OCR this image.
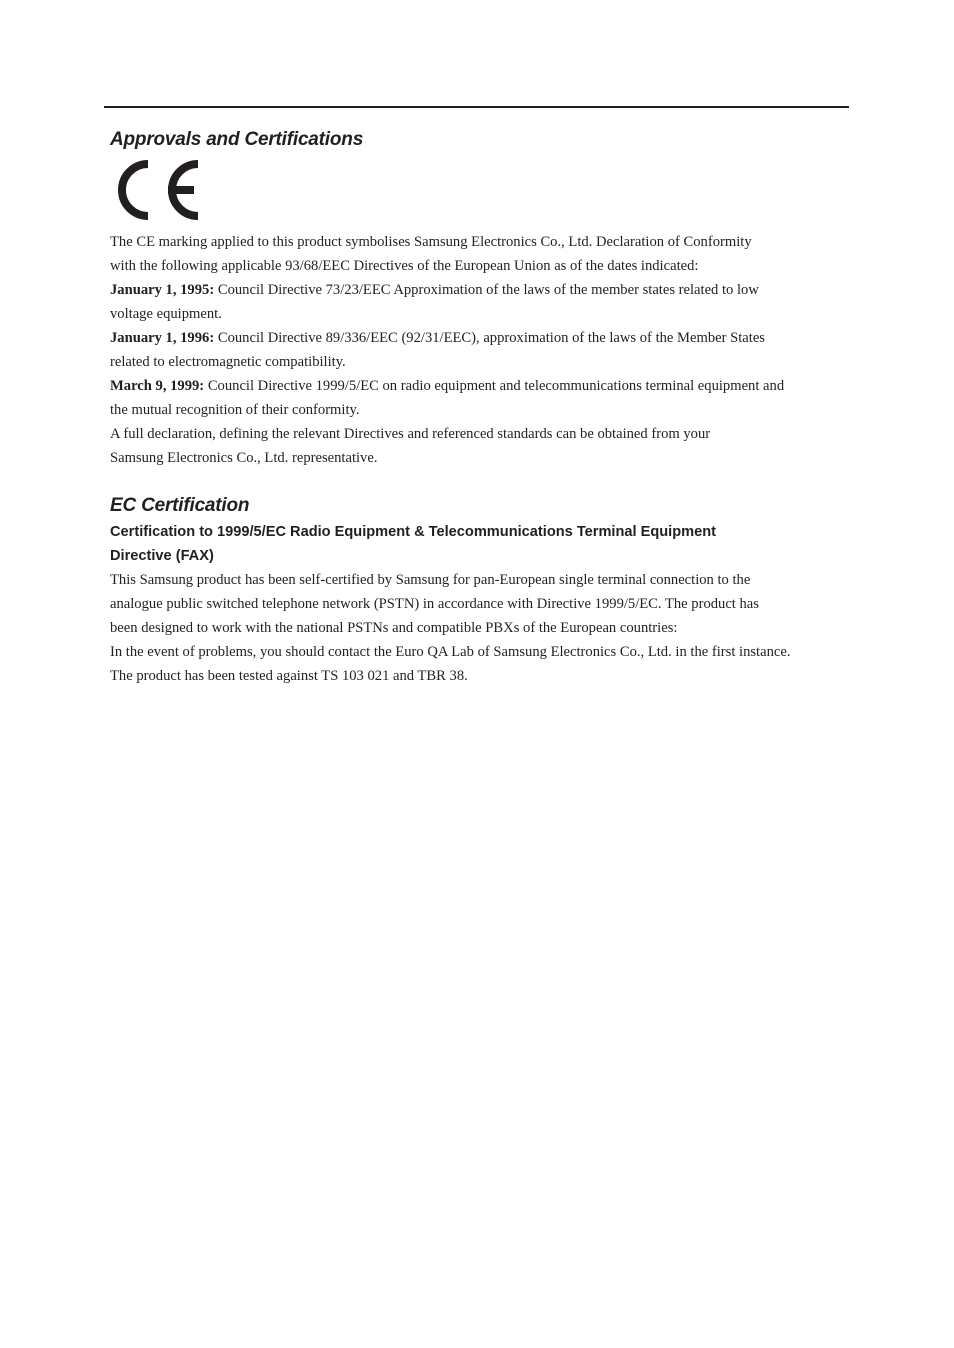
Approvals and Certifications

The CE marking applied to this product symbolises Samsung Electronics Co., Ltd. Declaration of Conformity
with the following applicable 93/68/EEC Directives of the European Union as of the dates indicated:

January 1, 1995: Council Directive 73/23/EEC Approximation of the laws of the member states related to low
voltage equipment.

January 1, 1996: Council Directive 89/336/EEC (92/31/EEC), approximation of the laws of the Member States
related to electromagnetic compatibility.

March 9, 1999: Council Directive 1999/5/EC on radio equipment and telecommunications terminal equipment and
the mutual recognition of their conformity.

A full declaration, defining the relevant Directives and referenced standards can be obtained from your
Samsung Electronics Co., Ltd. representative.

EC Certification

Certification to 1999/5/EC Radio Equipment & Telecommunications Terminal Equipment
Directive (FAX)

This Samsung product has been self-certified by Samsung for pan-European single terminal connection to the
analogue public switched telephone network (PSTN) in accordance with Directive 1999/5/EC. The product has
been designed to work with the national PSTNs and compatible PBXs of the European countries:
In the event of problems, you should contact the Euro QA Lab of Samsung Electronics Co., Ltd. in the first instance.
The product has been tested against TS 103 021 and TBR 38.
